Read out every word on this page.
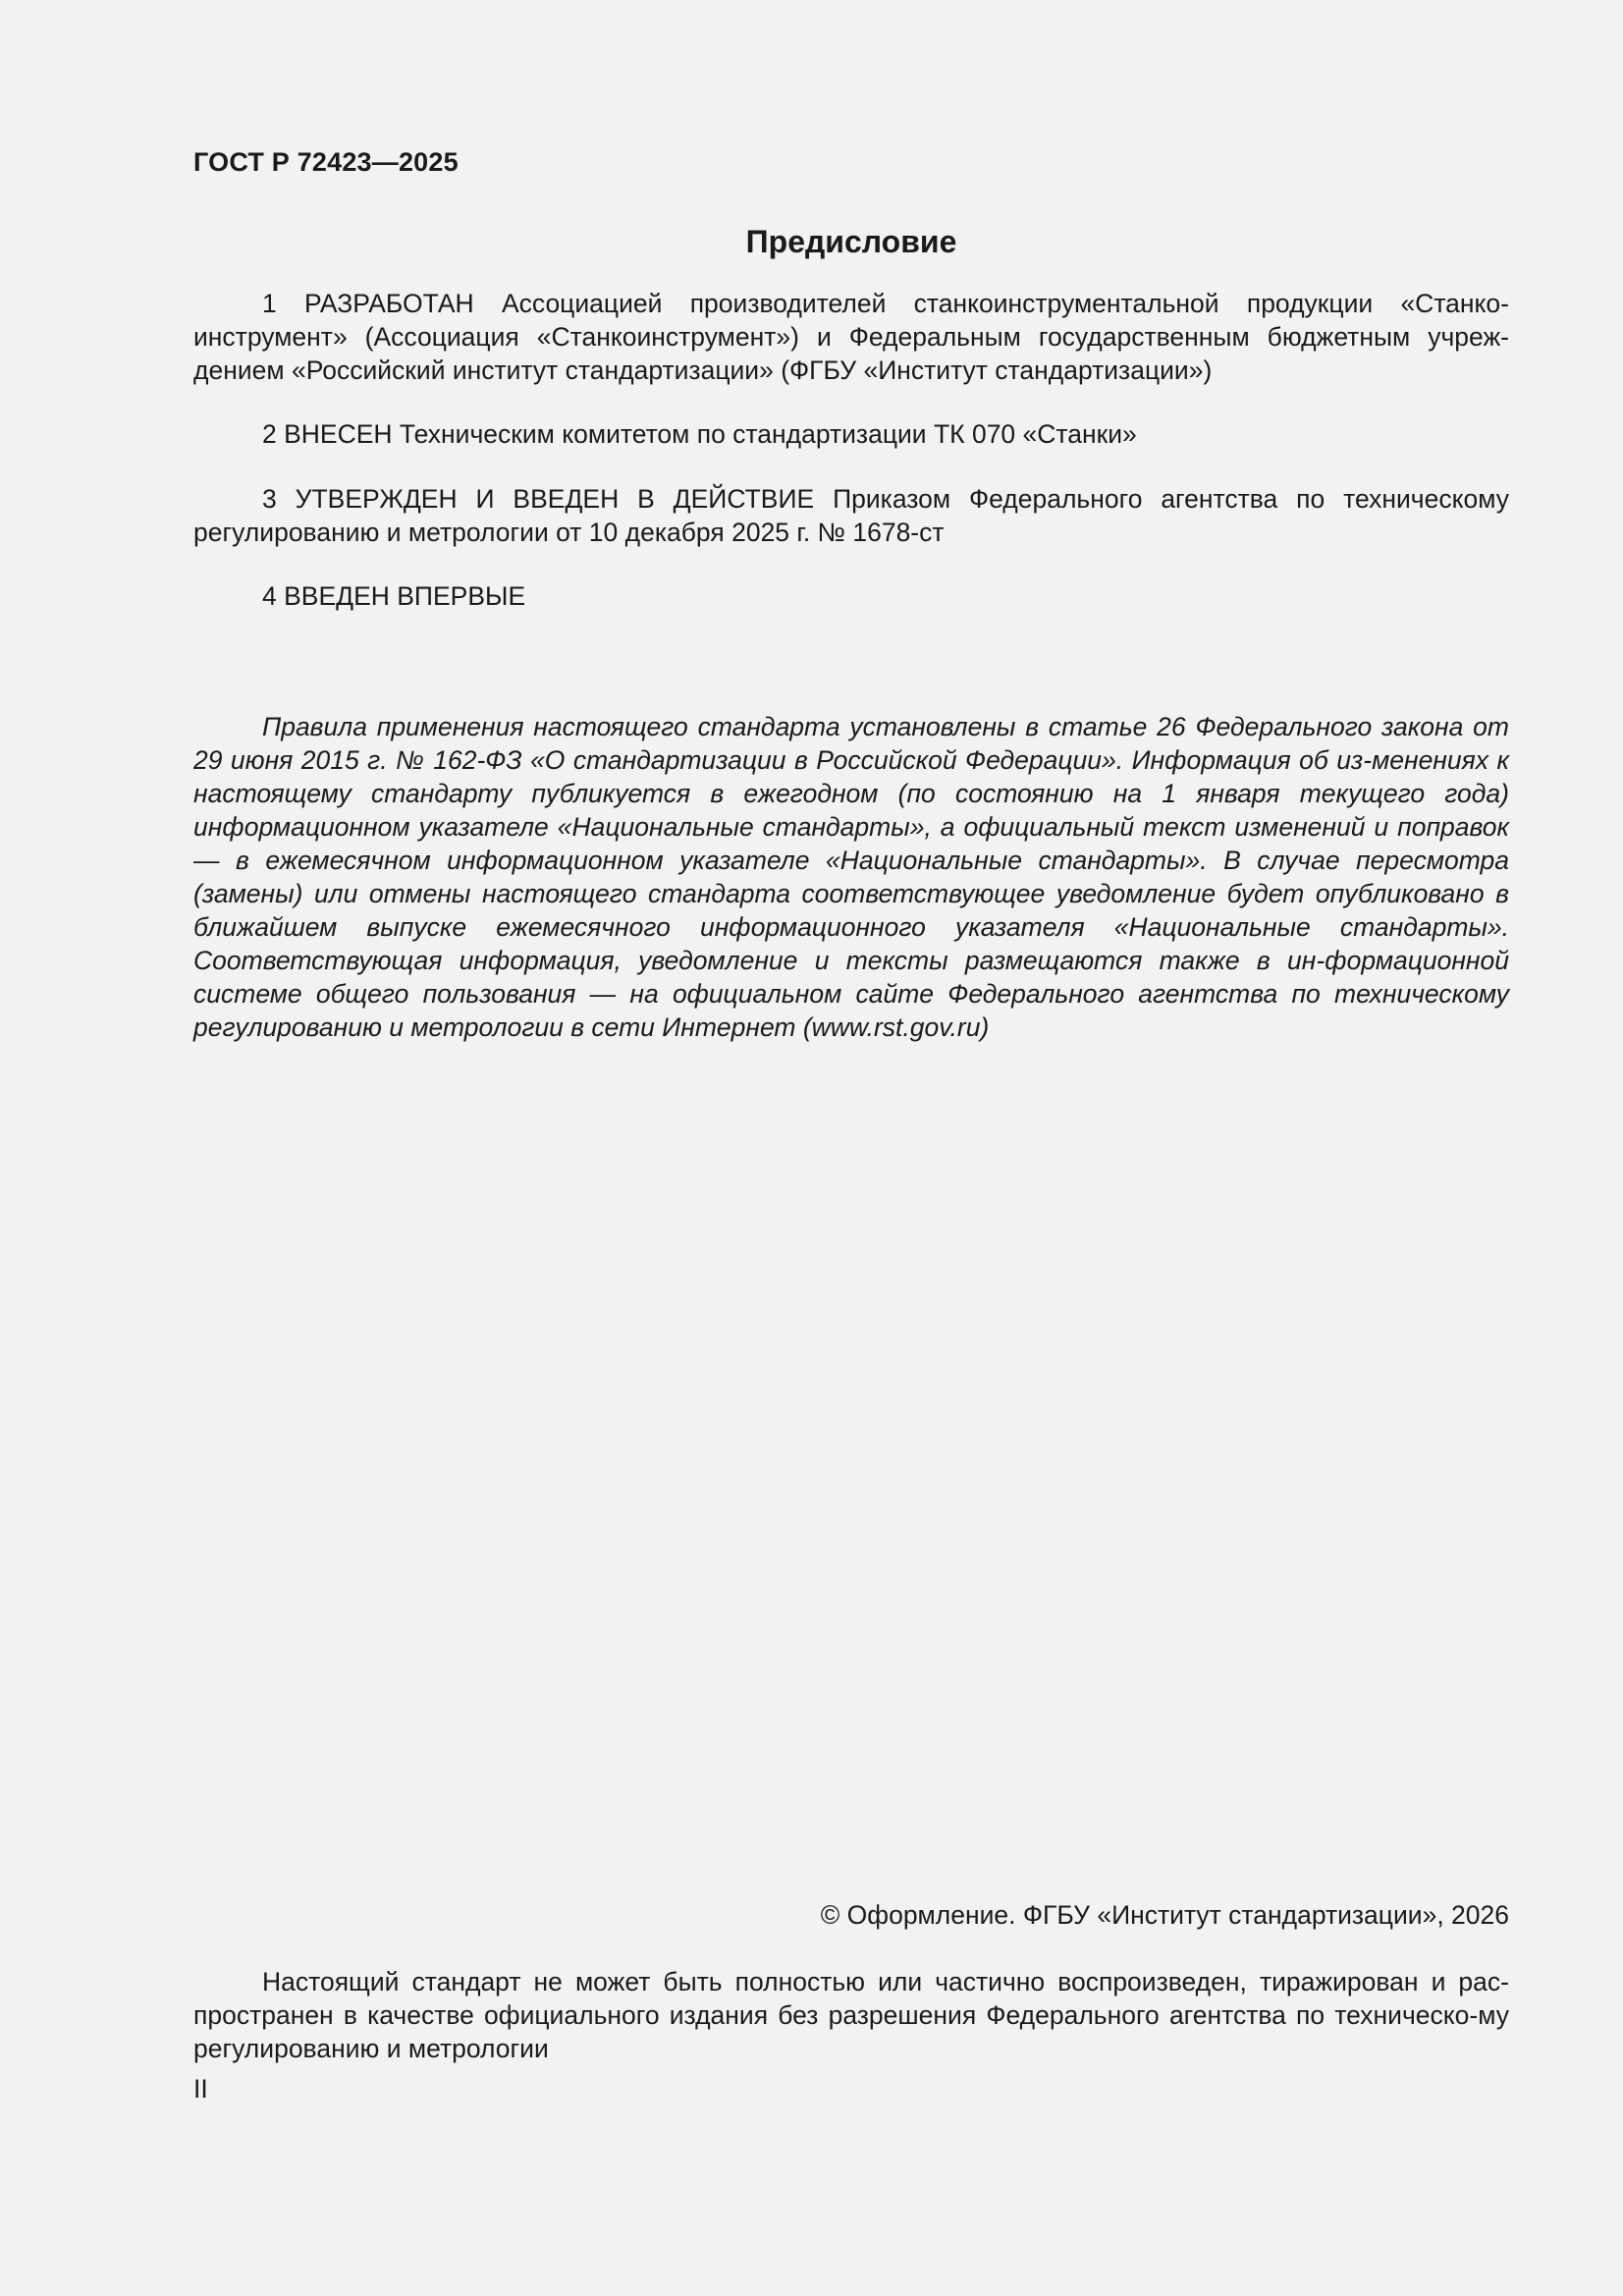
ГОСТ Р 72423—2025
Предисловие

1 РАЗРАБОТАН Ассоциацией производителей станкоинструментальной продукции «Станко-инструмент» (Ассоциация «Станкоинструмент») и Федеральным государственным бюджетным учреж-дением «Российский институт стандартизации» (ФГБУ «Институт стандартизации»)

2 ВНЕСЕН Техническим комитетом по стандартизации ТК 070 «Станки»

3 УТВЕРЖДЕН И ВВЕДЕН В ДЕЙСТВИЕ Приказом Федерального агентства по техническому регулированию и метрологии от 10 декабря 2025 г. № 1678-ст

4 ВВЕДЕН ВПЕРВЫЕ

Правила применения настоящего стандарта установлены в статье 26 Федерального закона от 29 июня 2015 г. № 162-ФЗ «О стандартизации в Российской Федерации». Информация об из-менениях к настоящему стандарту публикуется в ежегодном (по состоянию на 1 января текущего года) информационном указателе «Национальные стандарты», а официальный текст изменений и поправок — в ежемесячном информационном указателе «Национальные стандарты». В случае пересмотра (замены) или отмены настоящего стандарта соответствующее уведомление будет опубликовано в ближайшем выпуске ежемесячного информационного указателя «Национальные стандарты». Соответствующая информация, уведомление и тексты размещаются также в ин-формационной системе общего пользования — на официальном сайте Федерального агентства по техническому регулированию и метрологии в сети Интернет (www.rst.gov.ru)

© Оформление. ФГБУ «Институт стандартизации», 2026

Настоящий стандарт не может быть полностью или частично воспроизведен, тиражирован и рас-пространен в качестве официального издания без разрешения Федерального агентства по техническо-му регулированию и метрологии

II
